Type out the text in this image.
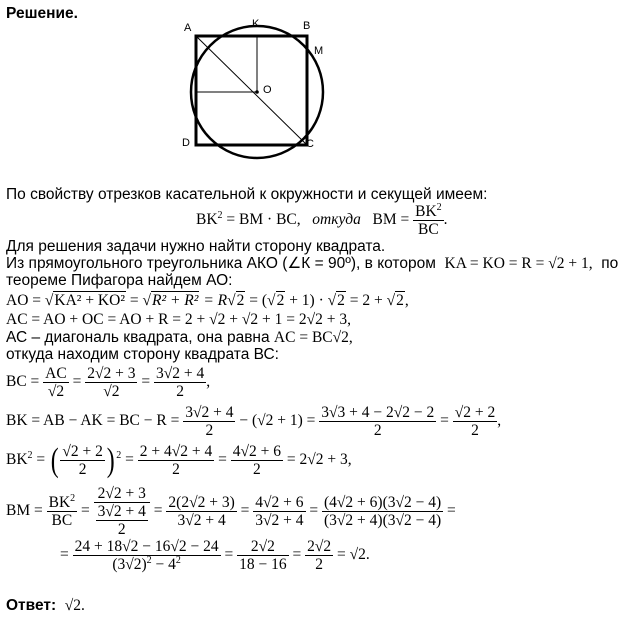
Решение.
A	K	B
M
O
D	C
По свойству отрезков касательной к окружности и секущей имеем:
$BK^2$ = BM · BC, откуда BM = $\frac{BK^2}{BC}$ .
Для решения задачи нужно найти сторону квадрата.
Из прямоугольного треугольника АКО (∠К = 90º), в котором KA = KO = R = √2 + 1, по
теореме Пифагора найдем АО:
AO = √KA² + KO² = √R² + R² = R√2 = (√2 + 1) · √2 = 2 + √2,
AC = AO + OC = AO + R = 2 + √2 + √2 + 1 = 2√2 + 3,
АС – диагональ квадрата, она равна AC = BC√2,
откуда находим сторону квадрата ВС:
BC = $\frac{AC}{√2} = \frac{2√2 + 3}{√2} = \frac{3√2 + 4}{2}$ ,
BK = AB − AK = BC − $R = \frac{3√2 + 4}{2} - (√2 + 1) = \frac{3√3 + 4 - 2√2 - 2}{2} = \frac{√2 + 2}{2}$ ,
$BK^2$ = ( $\frac{√2 + 2}{2}$ ) $^2 = \frac{2 + 4√2 + 4}{2} = \frac{4√2 + 6}{2} = 2√2 + 3$,
BM = $\frac{BK^2}{BC} = \frac{2√2 + 3}{\frac{3√2 + 4}{2}} = \frac{2(2√2 + 3)}{3√2 + 4} = \frac{4√2 + 6}{3√2 + 4} = \frac{(4√2 + 6)(3√2 - 4)}{(3√2 + 4)(3√2 - 4)}$ =
= $\frac{24 + 18√2 - 16√2 - 24}{(3√2)^2 - 4^2} = \frac{2√2}{18 - 16} = \frac{2√2}{2} = √2$.
Ответ: √2.
